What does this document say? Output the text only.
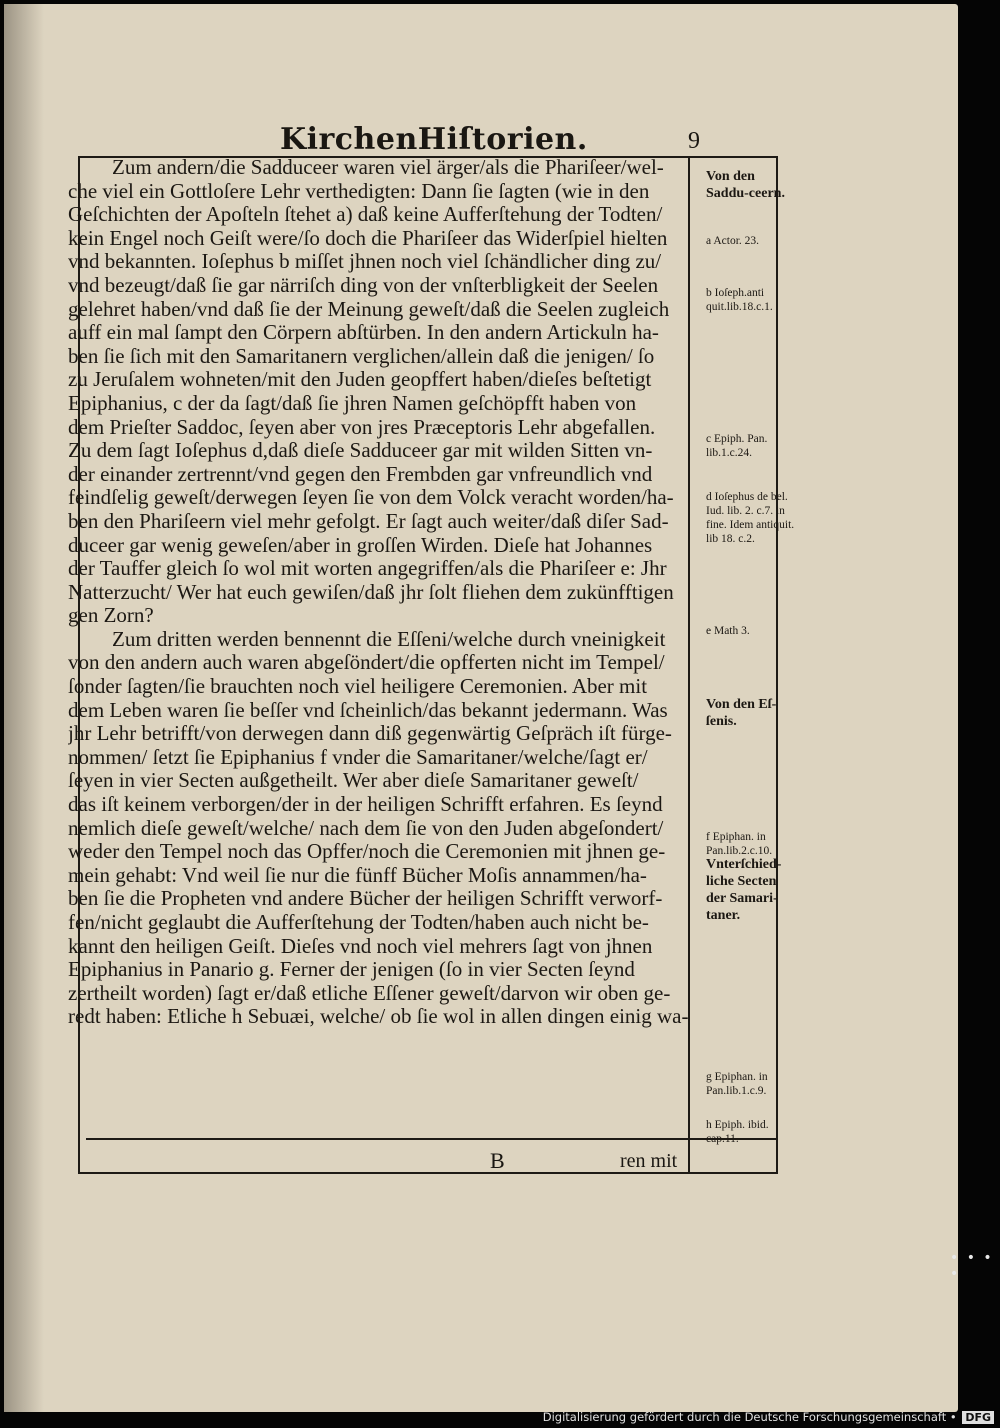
KirchenHiſtorien.	9
Zum andern/die Sadduceer waren viel ärger/als die Phariſeer/wel-
che viel ein Gottloſere Lehr verthedigten: Dann ſie ſagten (wie in den
Geſchichten der Apoſteln ſtehet a) daß keine Aufferſtehung der Todten/
kein Engel noch Geiſt were/ſo doch die Phariſeer das Widerſpiel hielten
vnd bekannten. Ioſephus b miſſet jhnen noch viel ſchändlicher ding zu/
vnd bezeugt/daß ſie gar närriſch ding von der vnſterbligkeit der Seelen
gelehret haben/vnd daß ſie der Meinung geweſt/daß die Seelen zugleich
auff ein mal ſampt den Cörpern abſtürben. In den andern Artickuln ha-
ben ſie ſich mit den Samaritanern verglichen/allein daß die jenigen/ ſo
zu Jeruſalem wohneten/mit den Juden geopffert haben/dieſes beſtetigt
Epiphanius, c der da ſagt/daß ſie jhren Namen geſchöpfft haben von
dem Prieſter Saddoc, ſeyen aber von jres Præceptoris Lehr abgefallen.
Zu dem ſagt Ioſephus d,daß dieſe Sadduceer gar mit wilden Sitten vn-
der einander zertrennt/vnd gegen den Frembden gar vnfreundlich vnd
feindſelig geweſt/derwegen ſeyen ſie von dem Volck veracht worden/ha-
ben den Phariſeern viel mehr gefolgt. Er ſagt auch weiter/daß diſer Sad-
duceer gar wenig geweſen/aber in groſſen Wirden. Dieſe hat Johannes
der Tauffer gleich ſo wol mit worten angegriffen/als die Phariſeer e: Jhr
Natterzucht/ Wer hat euch gewiſen/daß jhr ſolt fliehen dem zukünfftigen
gen Zorn?
Zum dritten werden bennennt die Eſſeni/welche durch vneinigkeit
von den andern auch waren abgeſöndert/die opfferten nicht im Tempel/
ſonder ſagten/ſie brauchten noch viel heiligere Ceremonien. Aber mit
dem Leben waren ſie beſſer vnd ſcheinlich/das bekannt jedermann. Was
jhr Lehr betrifft/von derwegen dann diß gegenwärtig Geſpräch iſt fürge-
nommen/ ſetzt ſie Epiphanius f vnder die Samaritaner/welche/ſagt er/
ſeyen in vier Secten außgetheilt. Wer aber dieſe Samaritaner geweſt/
das iſt keinem verborgen/der in der heiligen Schrifft erfahren. Es ſeynd
nemlich dieſe geweſt/welche/ nach dem ſie von den Juden abgeſondert/
weder den Tempel noch das Opffer/noch die Ceremonien mit jhnen ge-
mein gehabt: Vnd weil ſie nur die fünff Bücher Moſis annammen/ha-
ben ſie die Propheten vnd andere Bücher der heiligen Schrifft verworf-
fen/nicht geglaubt die Aufferſtehung der Todten/haben auch nicht be-
kannt den heiligen Geiſt. Dieſes vnd noch viel mehrers ſagt von jhnen
Epiphanius in Panario g. Ferner der jenigen (ſo in vier Secten ſeynd
zertheilt worden) ſagt er/daß etliche Eſſener geweſt/darvon wir oben ge-
redt haben: Etliche h Sebuæi, welche/ ob ſie wol in allen dingen einig wa-
Von den Saddu-ceern.
a Actor. 23.
b Ioſeph.anti quit.lib.18.c.1.
c Epiph. Pan. lib.1.c.24.
d Ioſephus de bel. Iud. lib. 2. c.7. in fine. Idem antiquit. lib 18. c.2.
e Math 3.
Von den Eſ-ſenis.
f Epiphan. in Pan.lib.2.c.10.
Vnterſchied-liche Secten der Samari-taner.
g Epiphan. in Pan.lib.1.c.9.
h Epiph. ibid. cap.11.
B	ren mit
• • • •
Digitalisierung gefördert durch die Deutsche Forschungsgemeinschaft • DFG
